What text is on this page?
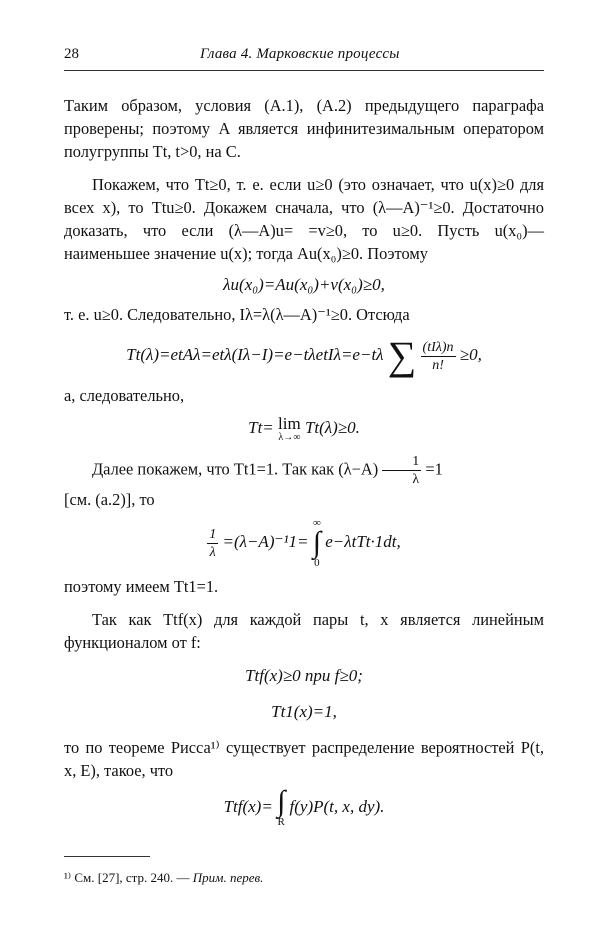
28	Глава 4. Марковские процессы

Таким образом, условия (A.1), (A.2) предыдущего параграфа проверены; поэтому A является инфинитезимальным оператором полугруппы Tt, t>0, на C.

Покажем, что Tt≥0, т. е. если u≥0 (это означает, что u(x)≥0 для всех x), то Ttu≥0. Докажем сначала, что (λ—A)⁻¹≥0. Достаточно доказать, что если (λ—A)u= =v≥0, то u≥0. Пусть u(x₀)— наименьшее значение u(x); тогда Au(x₀)≥0. Поэтому

λu(x₀)=Au(x₀)+v(x₀)≥0,

т. е. u≥0. Следовательно, Iλ=λ(λ—A)⁻¹≥0. Отсюда

Tt(λ)=etAλ=etλ(Iλ−I)=e−tλetIλ=e−tλ ∑ $\frac{\text{(tIλ)n}}{n!} \ge 0$,

а, следовательно,

Tt= lim
λ→∞
Tt(λ)≥0.

Далее покажем, что Tt1=1. Так как $(\lambda-A) \frac{1}{\lambda} =1$

[см. (a.2)], то

$\frac{1}{\lambda} =(\lambda-A)^{-1}1=$
∞
∫
0
e−λtTt·1dt,

поэтому имеем Tt1=1.

Так как Ttf(x) для каждой пары t, x является линейным функционалом от f:

Ttf(x)≥0 при f≥0;
Tt1(x)=1,

то по теореме Рисса¹⁾ существует распределение вероятностей P(t, x, E), такое, что

Ttf(x)= ∫
R
f(y)P(t, x, dy).
¹⁾ См. [27], стр. 240. — Прим. перев.
